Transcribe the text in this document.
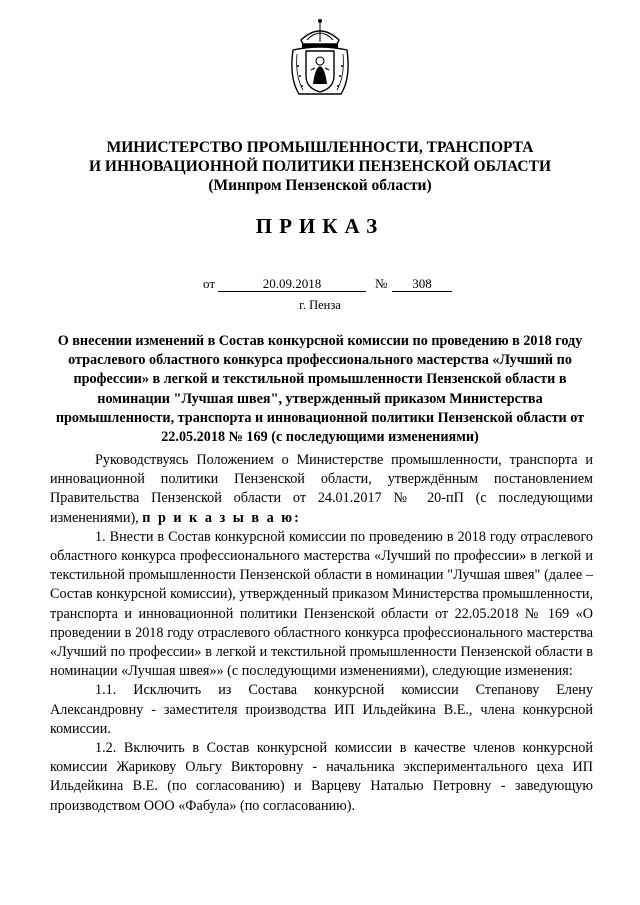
МИНИСТЕРСТВО ПРОМЫШЛЕННОСТИ, ТРАНСПОРТА
И ИННОВАЦИОННОЙ ПОЛИТИКИ ПЕНЗЕНСКОЙ ОБЛАСТИ
(Минпром Пензенской области)
ПРИКАЗ
от	20.09.2018	№	308
г. Пенза
О внесении изменений в Состав конкурсной комиссии по проведению в 2018 году отраслевого областного конкурса профессионального мастерства «Лучший по профессии» в легкой и текстильной промышленности Пензенской области в номинации "Лучшая швея", утвержденный приказом Министерства промышленности, транспорта и инновационной политики Пензенской области от 22.05.2018 № 169 (с последующими изменениями)

Руководствуясь Положением о Министерстве промышленности, транспорта и инновационной политики Пензенской области, утверждённым постановлением Правительства Пензенской области от 24.01.2017 № 20-пП (с последующими изменениями), п р и к а з ы в а ю:

1. Внести в Состав конкурсной комиссии по проведению в 2018 году отраслевого областного конкурса профессионального мастерства «Лучший по профессии» в легкой и текстильной промышленности Пензенской области в номинации "Лучшая швея" (далее – Состав конкурсной комиссии), утвержденный приказом Министерства промышленности, транспорта и инновационной политики Пензенской области от 22.05.2018 № 169 «О проведении в 2018 году отраслевого областного конкурса профессионального мастерства «Лучший по профессии» в легкой и текстильной промышленности Пензенской области в номинации «Лучшая швея»» (с последующими изменениями), следующие изменения:

1.1. Исключить из Состава конкурсной комиссии Степанову Елену Александровну - заместителя производства ИП Ильдейкина В.Е., члена конкурсной комиссии.

1.2. Включить в Состав конкурсной комиссии в качестве членов конкурсной комиссии Жарикову Ольгу Викторовну - начальника экспериментального цеха ИП Ильдейкина В.Е. (по согласованию) и Варцеву Наталью Петровну - заведующую производством ООО «Фабула» (по согласованию).
